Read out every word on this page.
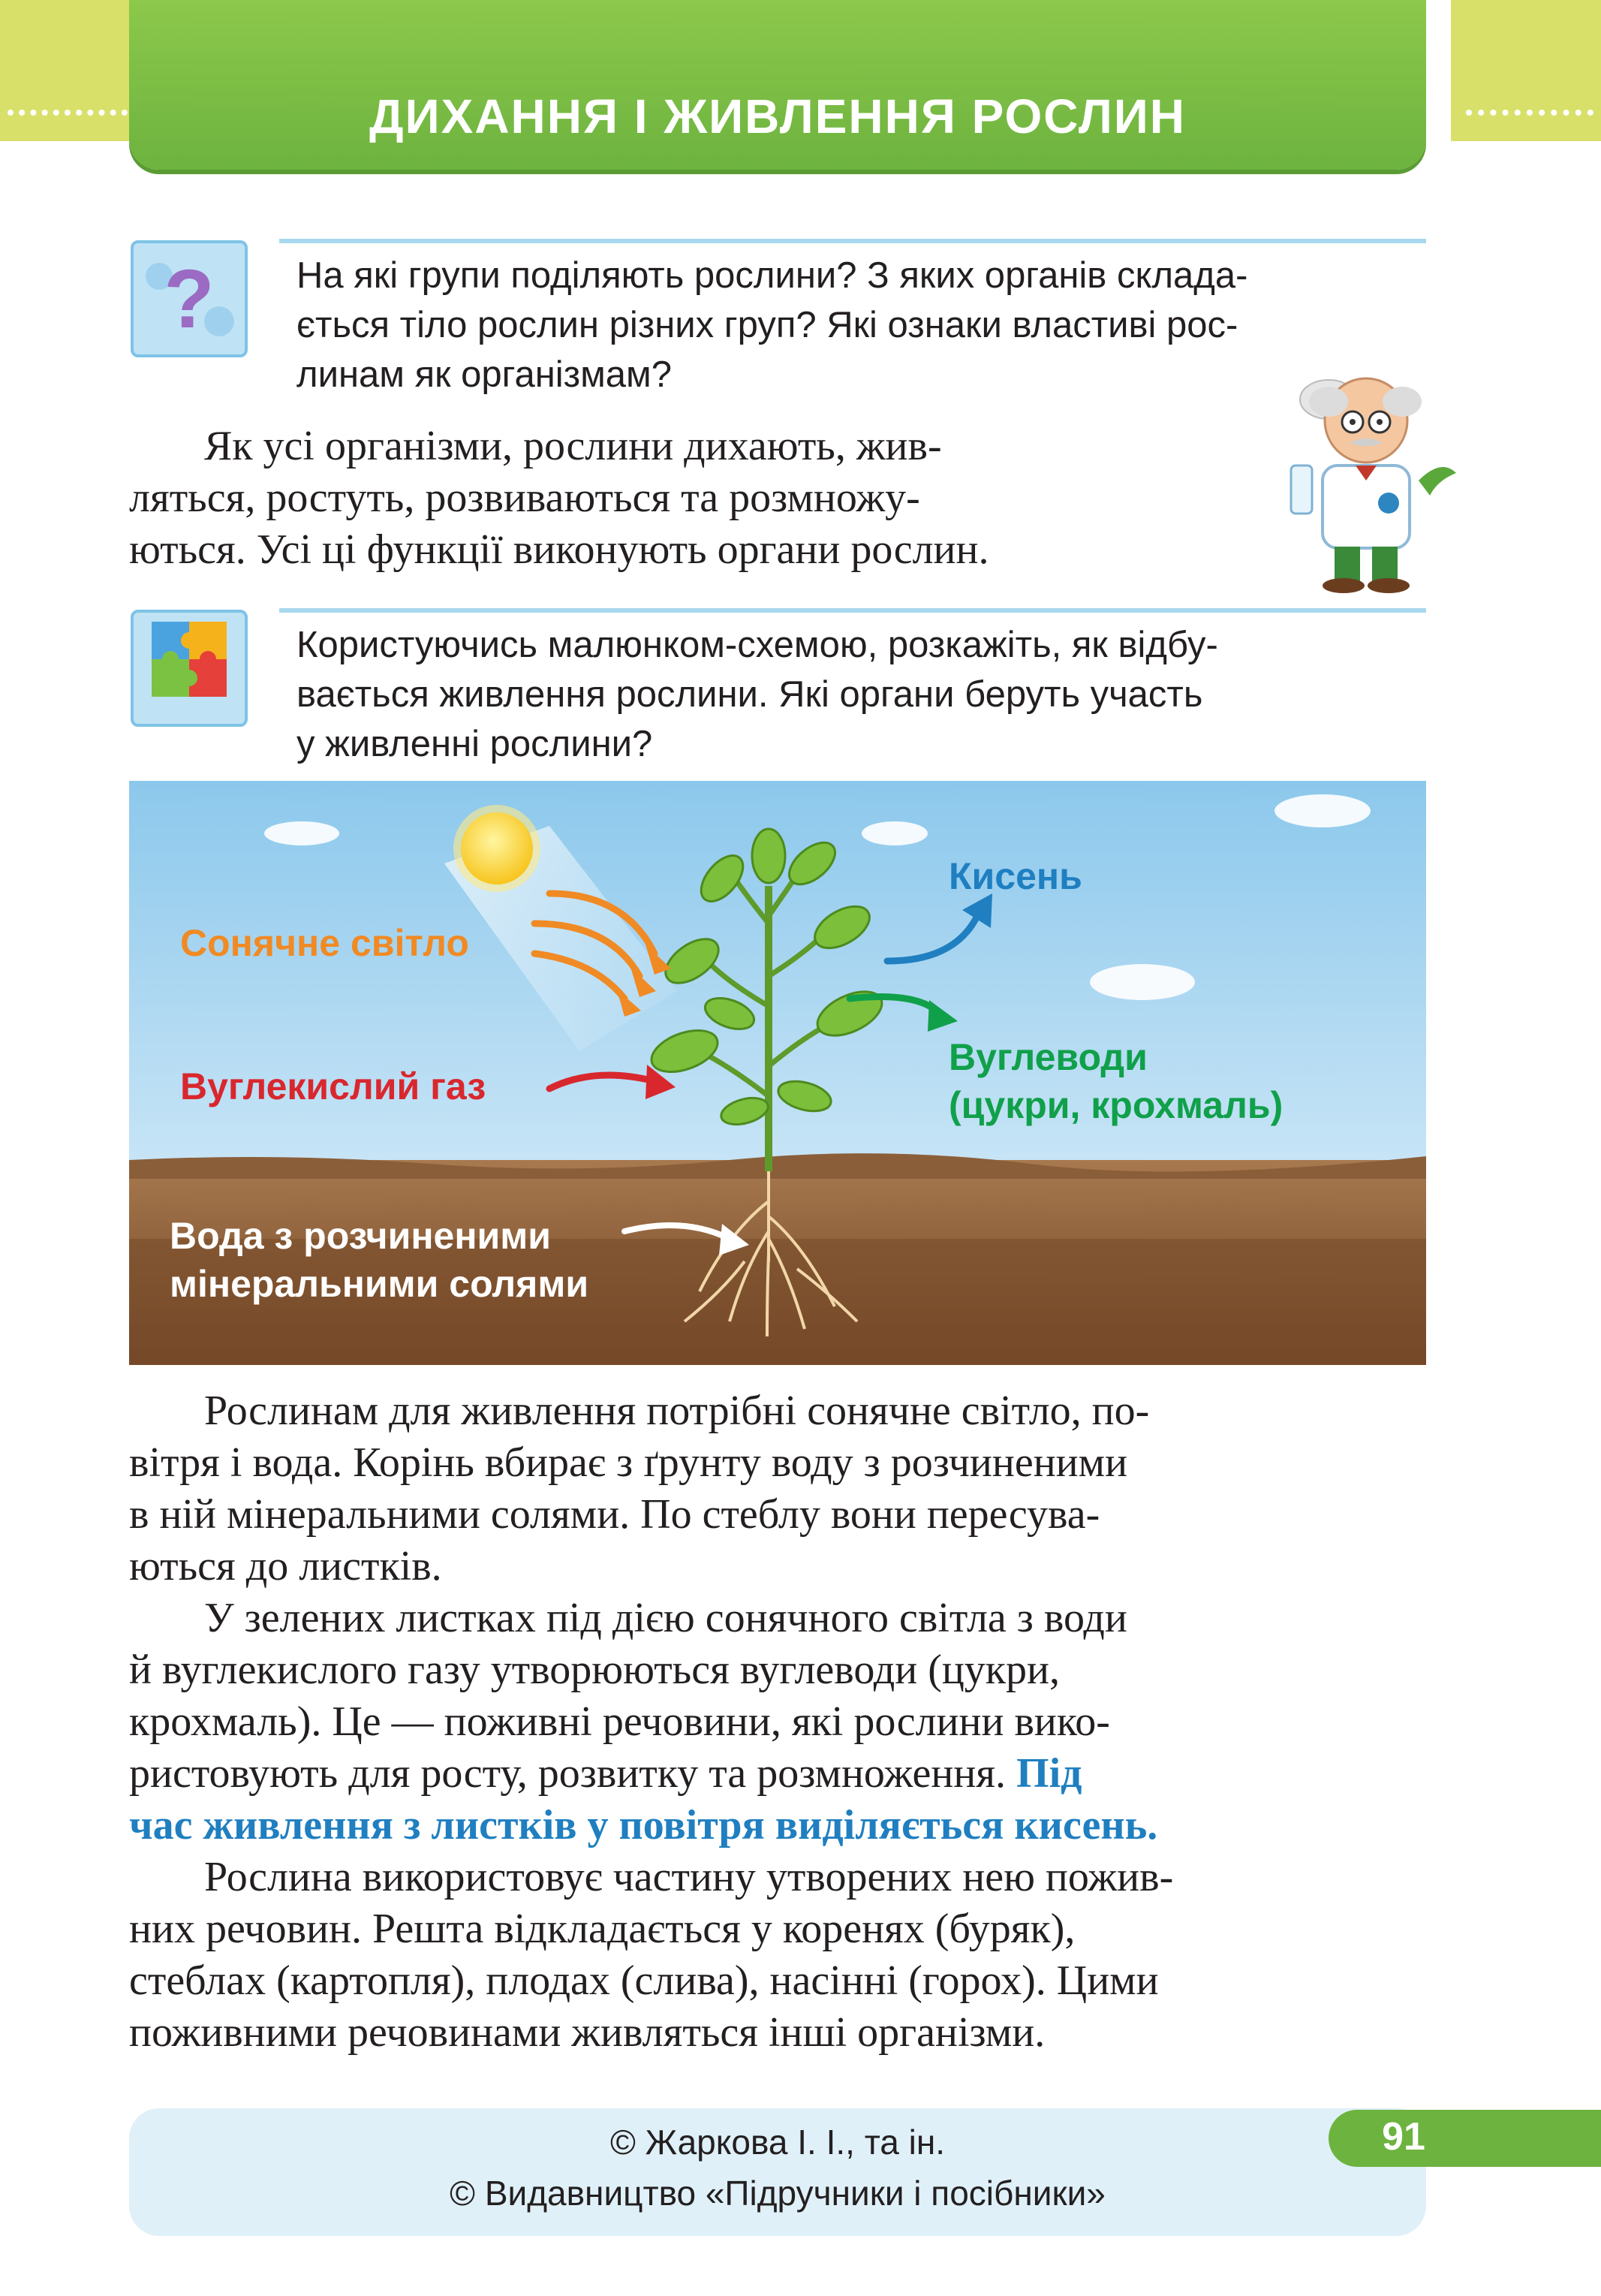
ДИХАННЯ І ЖИВЛЕННЯ РОСЛИН
? На які групи поділяють рослини? З яких органів склада-
ється тіло рослин різних груп? Які ознаки властиві рос-
линам як організмам?
Як усі організми, рослини дихають, жив-
ляться, ростуть, розвиваються та розмножу-
ються. Усі ці функції виконують органи рослин.
Користуючись малюнком-схемою, розкажіть, як відбу-
вається живлення рослини. Які органи беруть участь
у живленні рослини?
Сонячне світло
Вуглекислий газ
Кисень
Вуглеводи
(цукри, крохмаль)
Вода з розчиненими
мінеральними солями
Рослинам для живлення потрібні сонячне світло, по-
вітря і вода. Корінь вбирає з ґрунту воду з розчиненими
в ній мінеральними солями. По стеблу вони пересува-
ються до листків.
У зелених листках під дією сонячного світла з води
й вуглекислого газу утворюються вуглеводи (цукри,
крохмаль). Це — поживні речовини, які рослини вико-
ристовують для росту, розвитку та розмноження. Під
час живлення з листків у повітря виділяється кисень.
Рослина використовує частину утворених нею пожив-
них речовин. Решта відкладається у коренях (буряк),
стеблах (картопля), плодах (слива), насінні (горох). Цими
поживними речовинами живляться інші організми.
91
© Жаркова І. І., та ін.
© Видавництво «Підручники і посібники»
